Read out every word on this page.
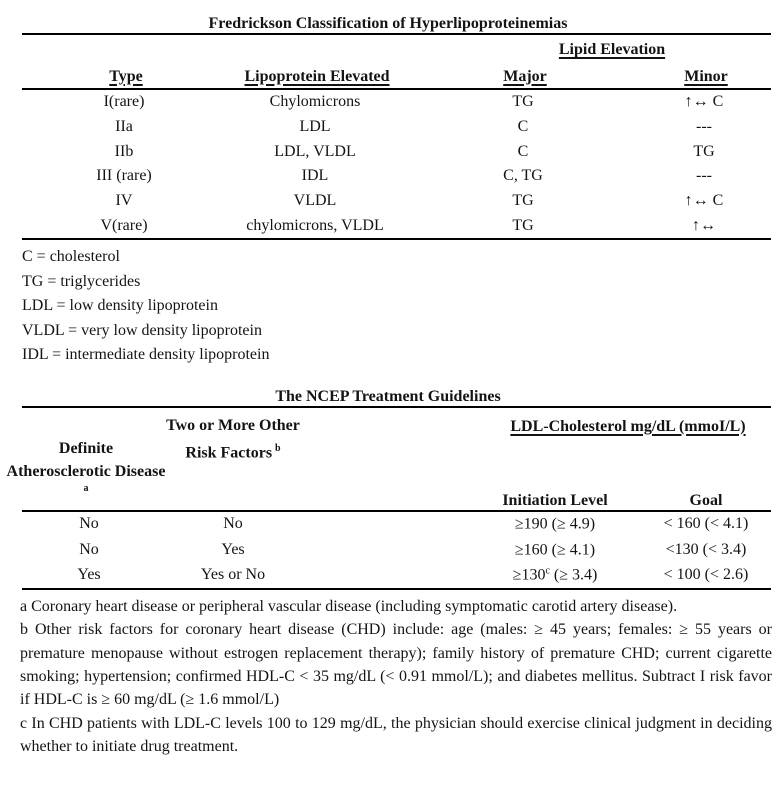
Fredrickson Classification of Hyperlipoproteinemias
Lipid Elevation
Type	Lipoprotein Elevated	Major	Minor
I(rare)	Chylomicrons	TG	↑↔ C
IIa	LDL	C	---
IIb	LDL, VLDL	C	TG
III (rare)	IDL	C, TG	---
IV	VLDL	TG	↑↔ C
V(rare)	chylomicrons, VLDL	TG	↑↔
C = cholesterol
TG = triglycerides
LDL = low density lipoprotein
VLDL = very low density lipoprotein
IDL = intermediate density lipoprotein
The NCEP Treatment Guidelines
Two or More Other
Risk Factors $^b$
LDL-Cholesterol mg/dL (mmoI/L)
Definite
Atherosclerotic Disease
a
Initiation Level	Goal
No	No	≥190 (≥ 4.9)	< 160 (< 4.1)
No	Yes	≥160 (≥ 4.1)	<130 (< 3.4)
Yes	Yes or No	$\ge 130^c$ (≥ 3.4)	< 100 (< 2.6)

a Coronary heart disease or peripheral vascular disease (including symptomatic carotid artery disease).

b Other risk factors for coronary heart disease (CHD) include: age (males: ≥ 45 years; females: ≥ 55 years or premature menopause without estrogen replacement therapy); family history of premature CHD; current cigarette smoking; hypertension; confirmed HDL-C < 35 mg/dL (< 0.91 mmol/L); and diabetes mellitus. Subtract I risk favor if HDL-C is ≥ 60 mg/dL (≥ 1.6 mmol/L)

c In CHD patients with LDL-C levels 100 to 129 mg/dL, the physician should exercise clinical judgment in deciding whether to initiate drug treatment.
